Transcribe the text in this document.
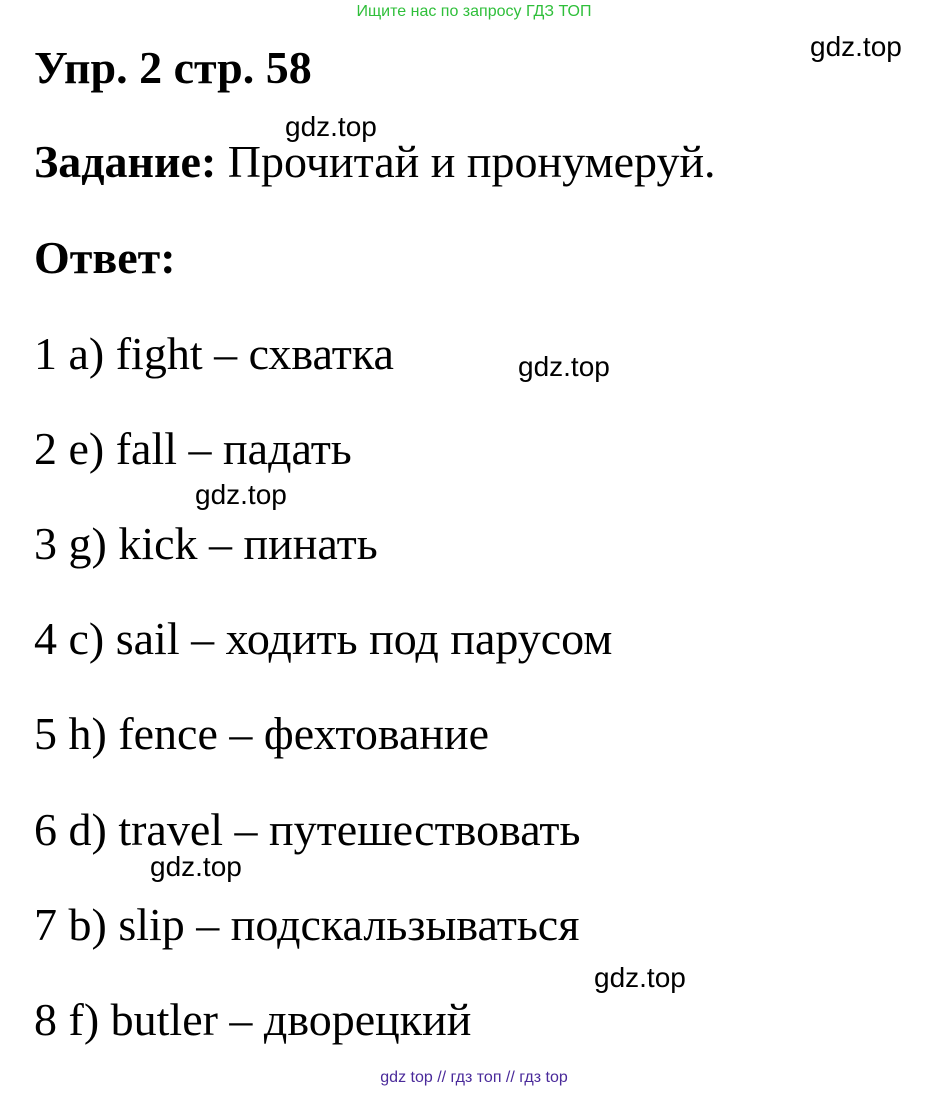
Ищите нас по запросу ГДЗ ТОП
Упр. 2 стр. 58
Задание: Прочитай и пронумеруй.
Ответ:
1 a) fight – схватка
2 e) fall – падать
3 g) kick – пинать
4 c) sail – ходить под парусом
5 h) fence – фехтование
6 d) travel – путешествовать
7 b) slip – подскальзываться
8 f) butler – дворецкий
gdz.top
gdz.top
gdz.top
gdz.top
gdz.top
gdz.top
gdz top // гдз топ // гдз top
